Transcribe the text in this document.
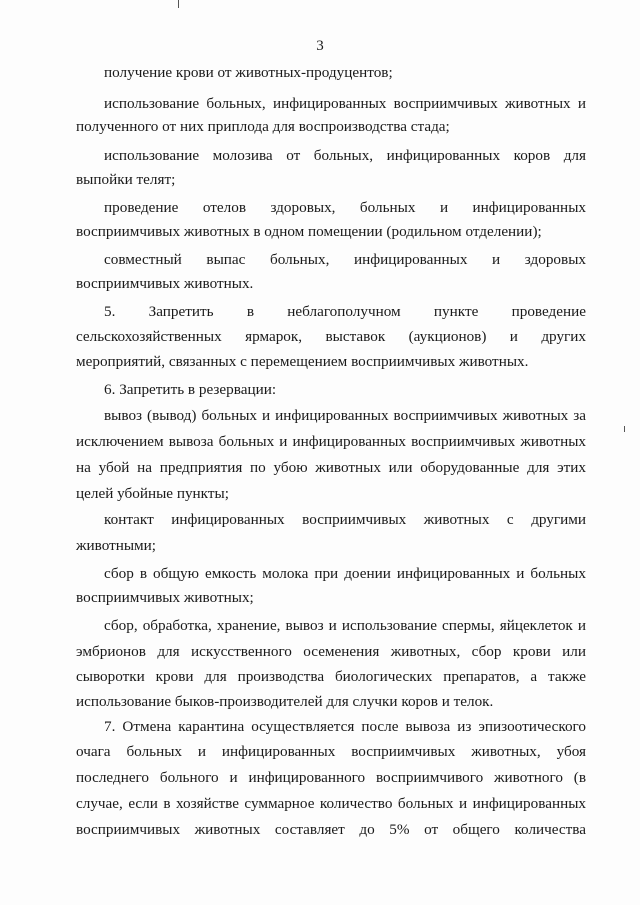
3
получение крови от животных-продуцентов;
использование больных, инфицированных восприимчивых животных и
полученного от них приплода для воспроизводства стада;
использование молозива от больных, инфицированных коров для
выпойки телят;
проведение отелов здоровых, больных и инфицированных
восприимчивых животных в одном помещении (родильном отделении);
совместный выпас больных, инфицированных и здоровых
восприимчивых животных.
5. Запретить в неблагополучном пункте проведение
сельскохозяйственных ярмарок, выставок (аукционов) и других
мероприятий, связанных с перемещением восприимчивых животных.
6. Запретить в резервации:
вывоз (вывод) больных и инфицированных восприимчивых животных за
исключением вывоза больных и инфицированных восприимчивых животных
на убой на предприятия по убою животных или оборудованные для этих
целей убойные пункты;
контакт инфицированных восприимчивых животных с другими
животными;
сбор в общую емкость молока при доении инфицированных и больных
восприимчивых животных;
сбор, обработка, хранение, вывоз и использование спермы, яйцеклеток и
эмбрионов для искусственного осеменения животных, сбор крови или
сыворотки крови для производства биологических препаратов, а также
использование быков-производителей для случки коров и телок.
7. Отмена карантина осуществляется после вывоза из эпизоотического
очага больных и инфицированных восприимчивых животных, убоя
последнего больного и инфицированного восприимчивого животного (в
случае, если в хозяйстве суммарное количество больных и инфицированных
восприимчивых животных составляет до 5% от общего количества
